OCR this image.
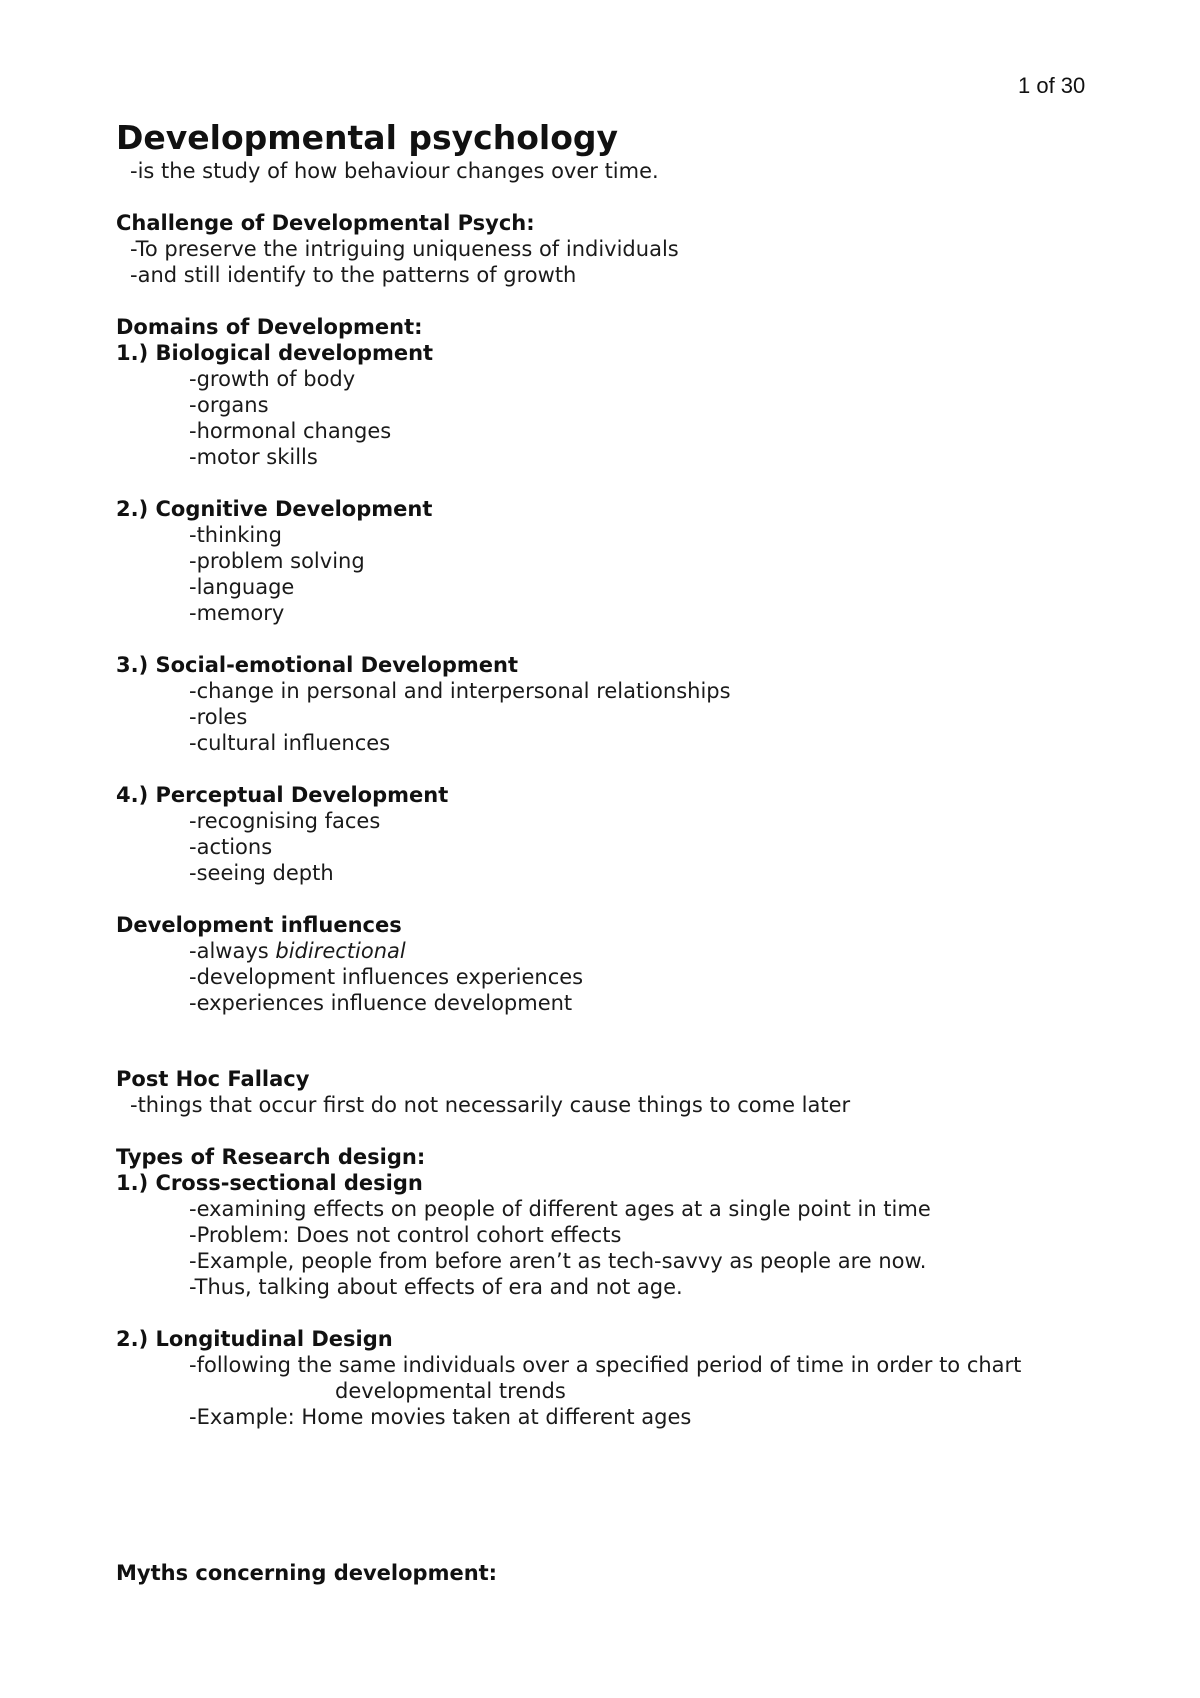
1 of 30
Developmental psychology

-is the study of how behaviour changes over time.

Challenge of Developmental Psych:

-To preserve the intriguing uniqueness of individuals

-and still identify to the patterns of growth

Domains of Development:

1.) Biological development

-growth of body

-organs

-hormonal changes

-motor skills

2.) Cognitive Development

-thinking

-problem solving

-language

-memory

3.) Social-emotional Development

-change in personal and interpersonal relationships

-roles

-cultural influences

4.) Perceptual Development

-recognising faces

-actions

-seeing depth

Development influences

-always bidirectional

-development influences experiences

-experiences influence development

Post Hoc Fallacy

-things that occur first do not necessarily cause things to come later

Types of Research design:

1.) Cross-sectional design

-examining effects on people of different ages at a single point in time

-Problem: Does not control cohort effects

-Example, people from before aren’t as tech-savvy as people are now.

-Thus, talking about effects of era and not age.

2.) Longitudinal Design

-following the same individuals over a specified period of time in order to chart

developmental trends

-Example: Home movies taken at different ages

Myths concerning development:
